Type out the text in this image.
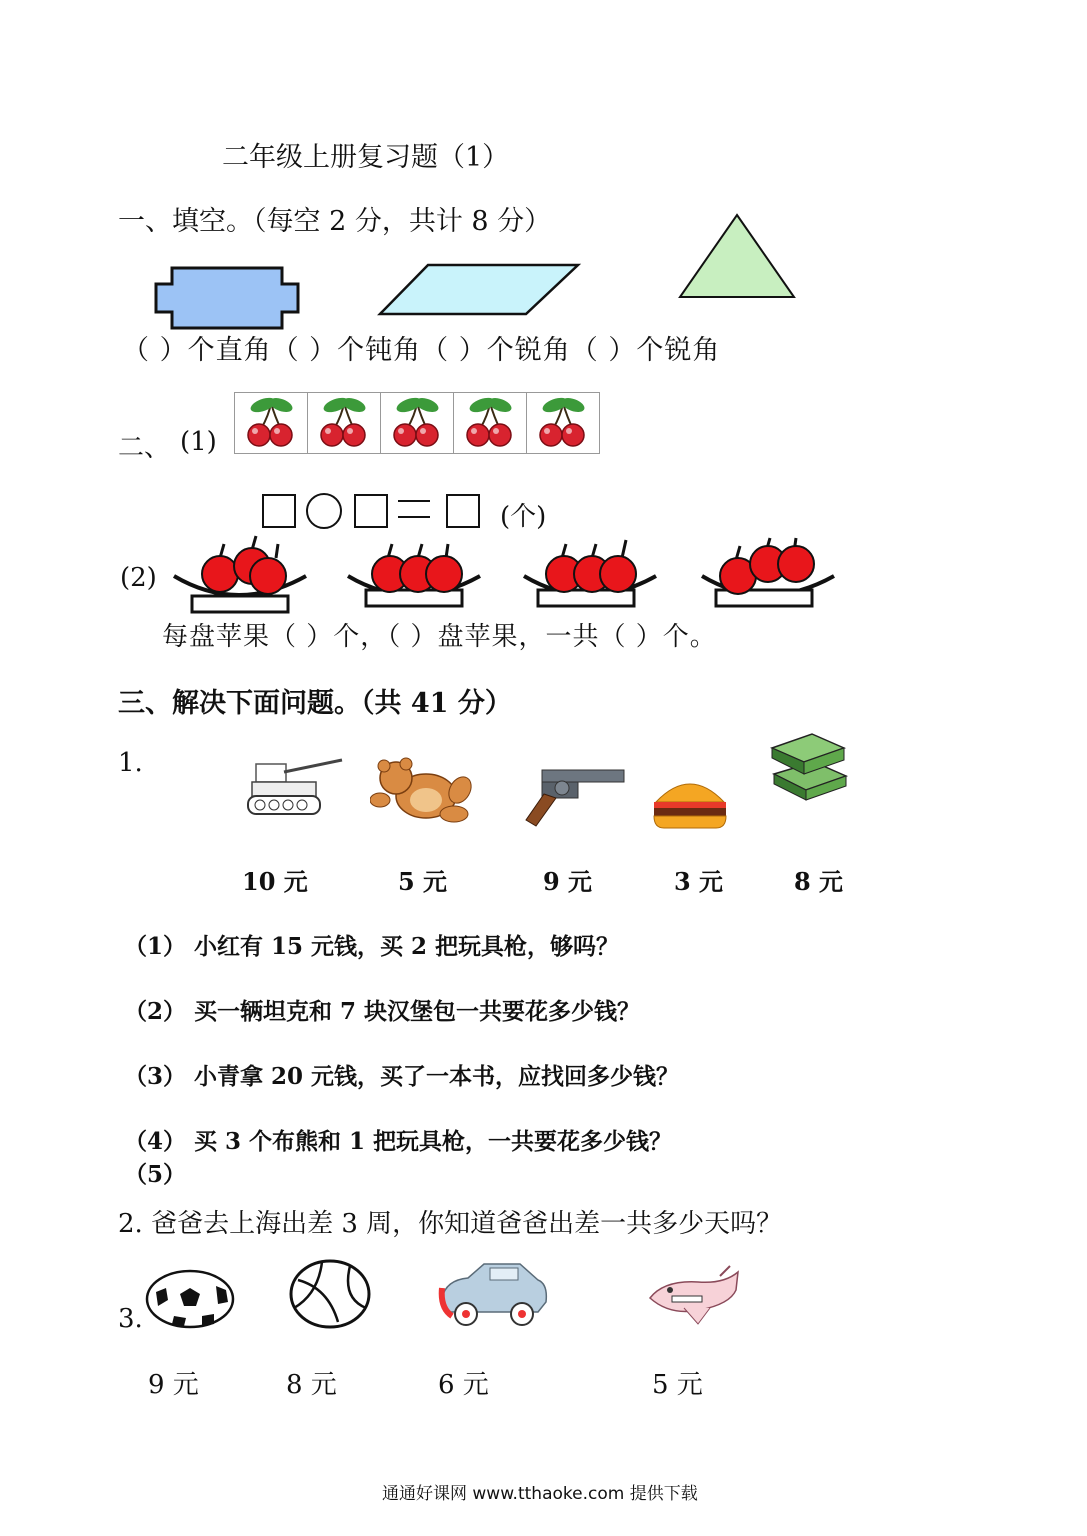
二年级上册复习题（1）
一、填空。（每空 2 分，共计 8 分）
（ ）个直角（ ）个钝角（ ）个锐角（ ）个锐角
二、 (1)
(个)
(2)
每盘苹果（ ）个，（ ）盘苹果，一共（ ）个。
三、解决下面问题。（共 41 分）
1.
10 元	5 元	9 元	3 元	8 元
（1） 小红有 15 元钱，买 2 把玩具枪，够吗？
（2） 买一辆坦克和 7 块汉堡包一共要花多少钱？
（3） 小青拿 20 元钱，买了一本书，应找回多少钱？
（4） 买 3 个布熊和 1 把玩具枪，一共要花多少钱？
（5）
2. 爸爸去上海出差 3 周，你知道爸爸出差一共多少天吗？
3.
9 元	8 元	6 元	5 元
通通好课网 www.tthaoke.com 提供下载
